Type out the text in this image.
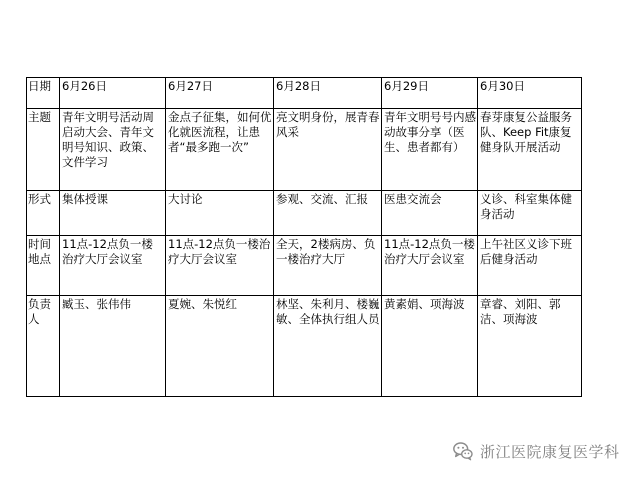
日期	6月26日	6月27日	6月28日	6月29日	6月30日
主题	青年文明号活动周启动大会、青年文明号知识、政策、文件学习	金点子征集，如何优化就医流程，让患者“最多跑一次”	亮文明身份，展青春风采	青年文明号号内感动故事分享（医生、患者都有）	春芽康复公益服务队、Keep Fit康复健身队开展活动
形式	集体授课	大讨论	参观、交流、汇报	医患交流会	义诊、科室集体健身活动
时间地点	11点-12点负一楼治疗大厅会议室	11点-12点负一楼治疗大厅会议室	全天，2楼病房、负一楼治疗大厅	11点-12点负一楼治疗大厅会议室	上午社区义诊下班后健身活动
负责人	臧玉、张伟伟	夏婉、朱悦红	林坚、朱利月、楼巍敏、全体执行组人员	黄素娟、项海波	章睿、刘阳、郭洁、项海波
浙江医院康复医学科
